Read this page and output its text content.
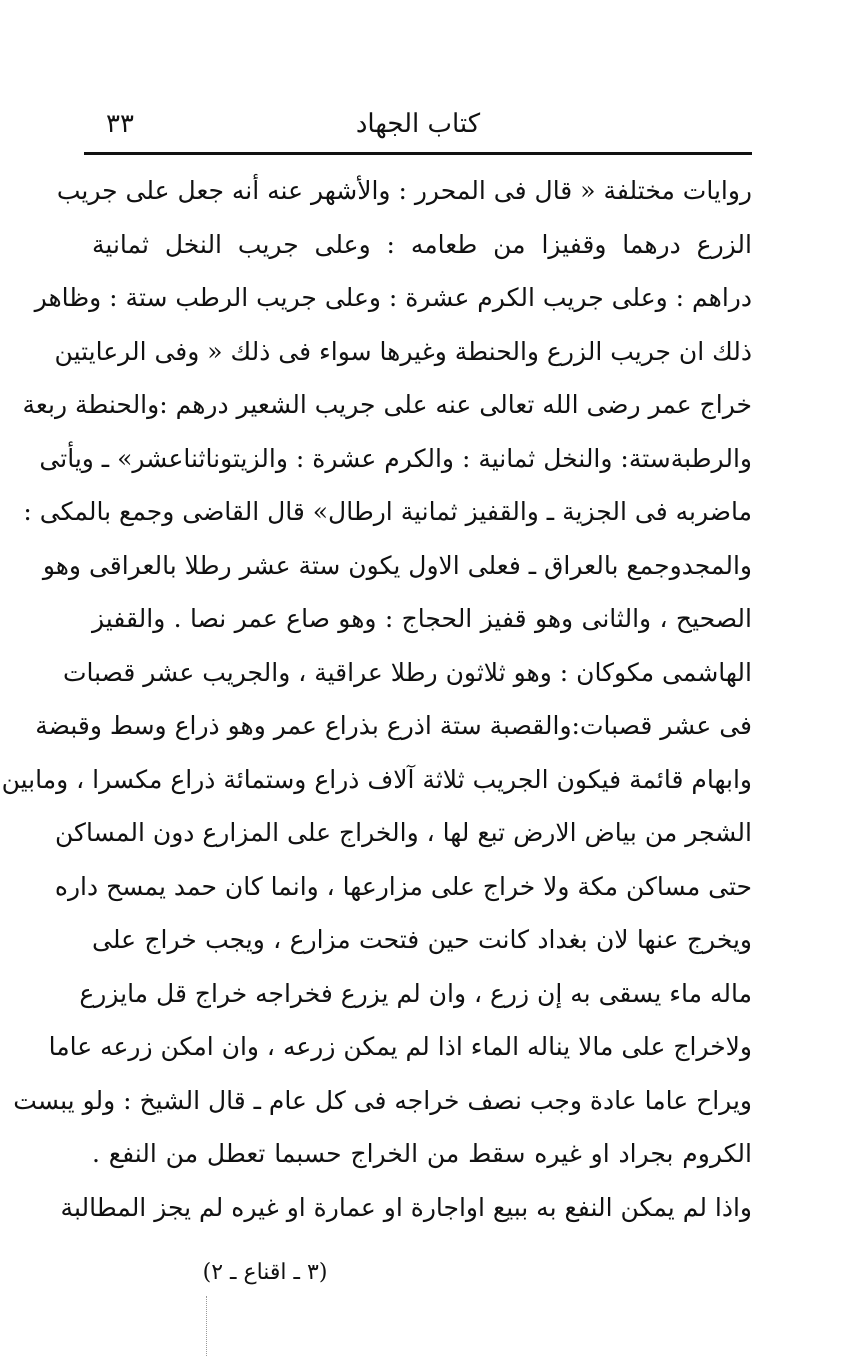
كتاب الجهاد
٣٣
روايات مختلفة « قال فى المحرر : والأشهر عنه أنه جعل على جريب
الزرع درهما وقفيزا من طعامه : وعلى جريب النخل ثمانية
دراهم : وعلى جريب الكرم عشرة : وعلى جريب الرطب ستة : وظاهر
ذلك ان جريب الزرع والحنطة وغيرها سواء فى ذلك « وفى الرعايتين
خراج عمر رضى الله تعالى عنه على جريب الشعير درهم :والحنطة ربعة
والرطبةستة: والنخل ثمانية : والكرم عشرة : والزيتوناثناعشر» ـ ويأتى
ماضربه فى الجزية ـ والقفيز ثمانية ارطال» قال القاضى وجمع بالمكى :
والمجدوجمع بالعراق ـ فعلى الاول يكون ستة عشر رطلا بالعراقى وهو
الصحيح ، والثانى وهو قفيز الحجاج : وهو صاع عمر نصا . والقفيز
الهاشمى مكوكان : وهو ثلاثون رطلا عراقية ، والجريب عشر قصبات
فى عشر قصبات:والقصبة ستة اذرع بذراع عمر وهو ذراع وسط وقبضة
وابهام قائمة فيكون الجريب ثلاثة آلاف ذراع وستمائة ذراع مكسرا ، ومابين
الشجر من بياض الارض تبع لها ، والخراج على المزارع دون المساكن
حتى مساكن مكة ولا خراج على مزارعها ، وانما كان حمد يمسح داره
ويخرج عنها لان بغداد كانت حين فتحت مزارع ، ويجب خراج على
ماله ماء يسقى به إن زرع ، وان لم يزرع فخراجه خراج قل مايزرع
ولاخراج على مالا يناله الماء اذا لم يمكن زرعه ، وان امكن زرعه عاما
ويراح عاما عادة وجب نصف خراجه فى كل عام ـ قال الشيخ : ولو يبست
الكروم بجراد او غيره سقط من الخراج حسبما تعطل من النفع .
واذا لم يمكن النفع به ببيع اواجارة او عمارة او غيره لم يجز المطالبة
(٣ ـ اقناع ـ ٢)
